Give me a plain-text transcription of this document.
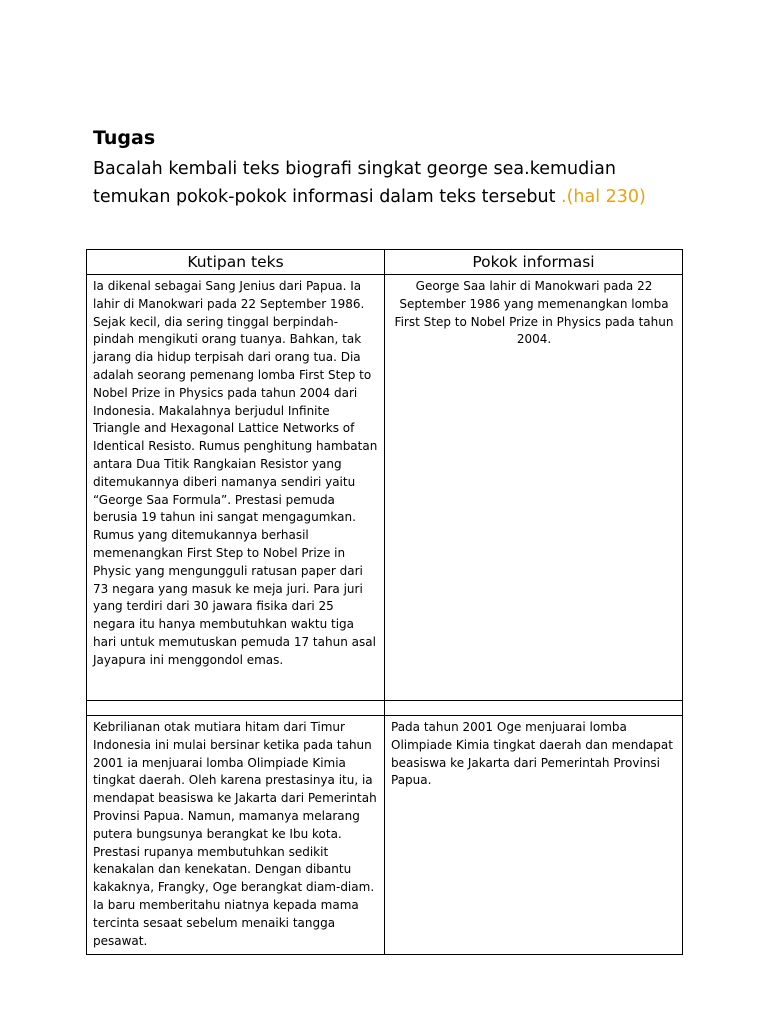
Tugas

Bacalah kembali teks biografi singkat george sea.kemudian temukan pokok-pokok informasi dalam teks tersebut .(hal 230)

Kutipan teks	Pokok informasi
Ia dikenal sebagai Sang Jenius dari Papua. Ia lahir di Manokwari pada 22 September 1986. Sejak kecil, dia sering tinggal berpindah-pindah mengikuti orang tuanya. Bahkan, tak jarang dia hidup terpisah dari orang tua. Dia adalah seorang pemenang lomba First Step to Nobel Prize in Physics pada tahun 2004 dari Indonesia. Makalahnya berjudul Infinite Triangle and Hexagonal Lattice Networks of Identical Resisto. Rumus penghitung hambatan antara Dua Titik Rangkaian Resistor yang ditemukannya diberi namanya sendiri yaitu “George Saa Formula”. Prestasi pemuda berusia 19 tahun ini sangat mengagumkan. Rumus yang ditemukannya berhasil memenangkan First Step to Nobel Prize in Physic yang mengungguli ratusan paper dari 73 negara yang masuk ke meja juri. Para juri yang terdiri dari 30 jawara fisika dari 25 negara itu hanya membutuhkan waktu tiga hari untuk memutuskan pemuda 17 tahun asal Jayapura ini menggondol emas.	George Saa lahir di Manokwari pada 22 September 1986 yang memenangkan lomba First Step to Nobel Prize in Physics pada tahun 2004.

Kebrilianan otak mutiara hitam dari Timur Indonesia ini mulai bersinar ketika pada tahun 2001 ia menjuarai lomba Olimpiade Kimia tingkat daerah. Oleh karena prestasinya itu, ia mendapat beasiswa ke Jakarta dari Pemerintah Provinsi Papua. Namun, mamanya melarang putera bungsunya berangkat ke Ibu kota. Prestasi rupanya membutuhkan sedikit kenakalan dan kenekatan. Dengan dibantu kakaknya, Frangky, Oge berangkat diam-diam. Ia baru memberitahu niatnya kepada mama tercinta sesaat sebelum menaiki tangga pesawat.	Pada tahun 2001 Oge menjuarai lomba Olimpiade Kimia tingkat daerah dan mendapat beasiswa ke Jakarta dari Pemerintah Provinsi Papua.
